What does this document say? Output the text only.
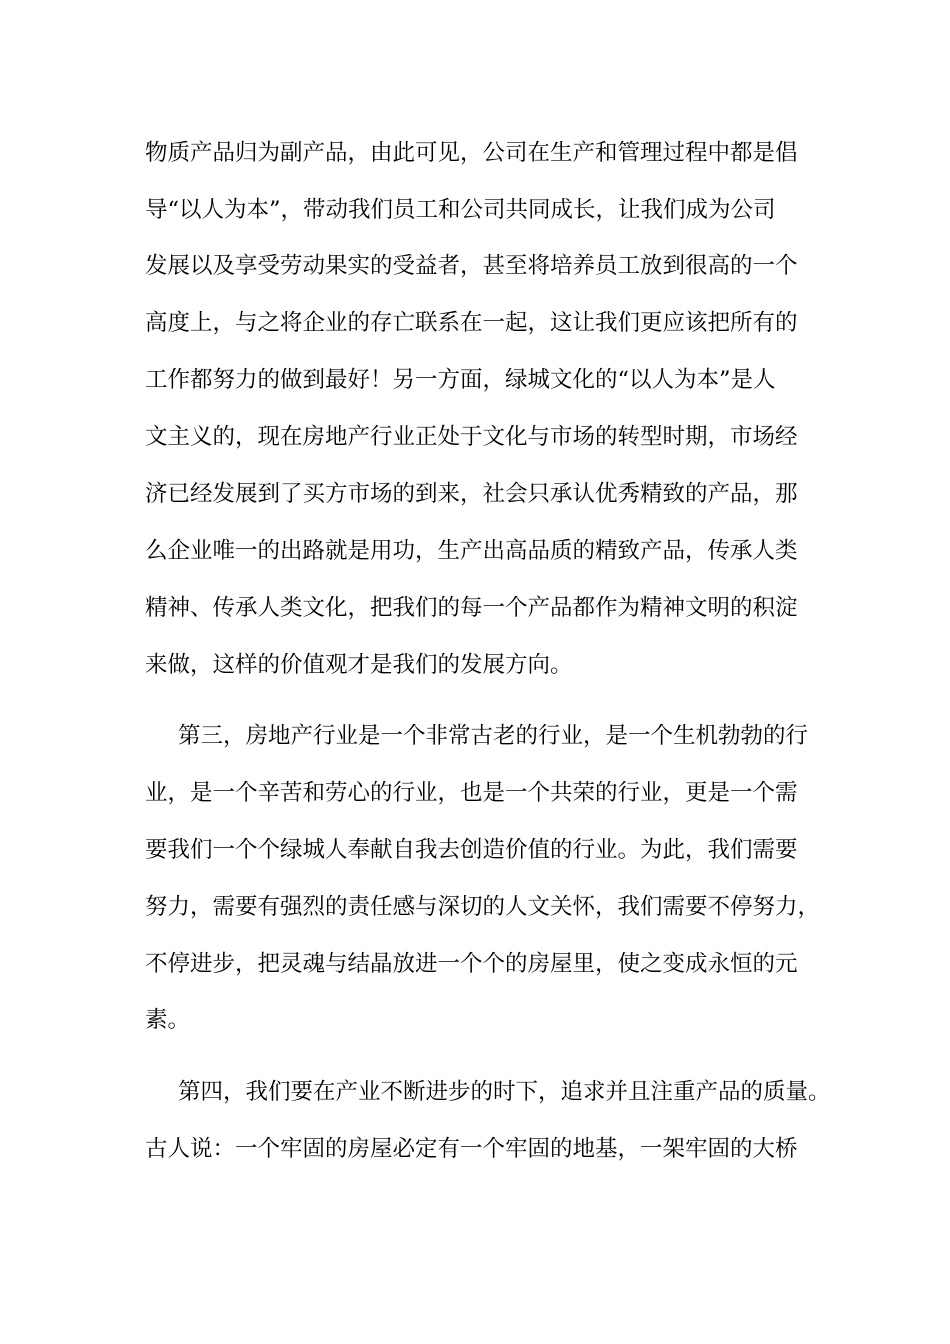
物质产品归为副产品，由此可见，公司在生产和管理过程中都是倡
导“以人为本”，带动我们员工和公司共同成长，让我们成为公司
发展以及享受劳动果实的受益者，甚至将培养员工放到很高的一个
高度上，与之将企业的存亡联系在一起，这让我们更应该把所有的
工作都努力的做到最好！另一方面，绿城文化的“以人为本”是人
文主义的，现在房地产行业正处于文化与市场的转型时期，市场经
济已经发展到了买方市场的到来，社会只承认优秀精致的产品，那
么企业唯一的出路就是用功，生产出高品质的精致产品，传承人类
精神、传承人类文化，把我们的每一个产品都作为精神文明的积淀
来做，这样的价值观才是我们的发展方向。
第三，房地产行业是一个非常古老的行业，是一个生机勃勃的行
业，是一个辛苦和劳心的行业，也是一个共荣的行业，更是一个需
要我们一个个绿城人奉献自我去创造价值的行业。为此，我们需要
努力，需要有强烈的责任感与深切的人文关怀，我们需要不停努力，
不停进步，把灵魂与结晶放进一个个的房屋里，使之变成永恒的元
素。
第四，我们要在产业不断进步的时下，追求并且注重产品的质量。
古人说：一个牢固的房屋必定有一个牢固的地基，一架牢固的大桥
